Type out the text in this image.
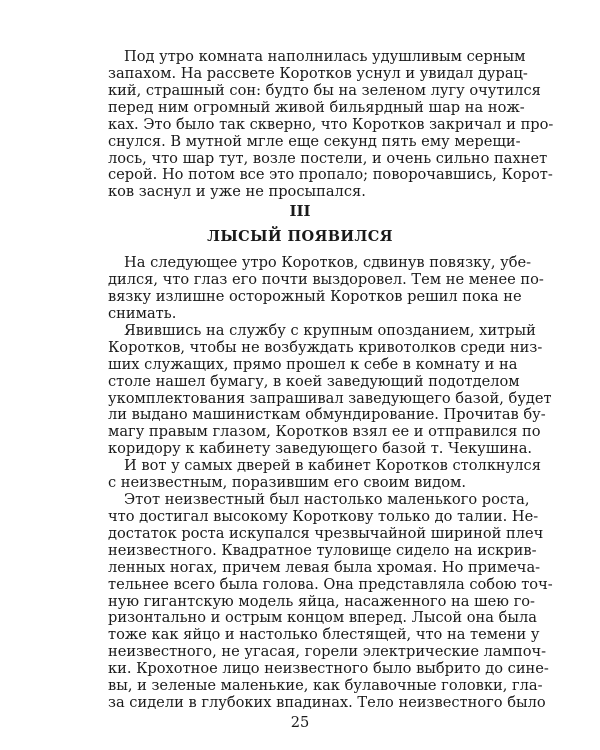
Под утро комната наполнилась удушливым серным
запахом. На рассвете Коротков уснул и увидал дурац-
кий, страшный сон: будто бы на зеленом лугу очутился
перед ним огромный живой бильярдный шар на нож-
ках. Это было так скверно, что Коротков закричал и про-
снулся. В мутной мгле еще секунд пять ему мерещи-
лось, что шар тут, возле постели, и очень сильно пахнет
серой. Но потом все это пропало; поворочавшись, Корот-
ков заснул и уже не просыпался.
III
ЛЫСЫЙ ПОЯВИЛСЯ
На следующее утро Коротков, сдвинув повязку, убе-
дился, что глаз его почти выздоровел. Тем не менее по-
вязку излишне осторожный Коротков решил пока не
снимать.
Явившись на службу с крупным опозданием, хитрый
Коротков, чтобы не возбуждать кривотолков среди низ-
ших служащих, прямо прошел к себе в комнату и на
столе нашел бумагу, в коей заведующий подотделом
укомплектования запрашивал заведующего базой, будет
ли выдано машинисткам обмундирование. Прочитав бу-
магу правым глазом, Коротков взял ее и отправился по
коридору к кабинету заведующего базой т. Чекушина.
И вот у самых дверей в кабинет Коротков столкнулся
с неизвестным, поразившим его своим видом.
Этот неизвестный был настолько маленького роста,
что достигал высокому Короткову только до талии. Не-
достаток роста искупался чрезвычайной шириной плеч
неизвестного. Квадратное туловище сидело на искрив-
ленных ногах, причем левая была хромая. Но примеча-
тельнее всего была голова. Она представляла собою точ-
ную гигантскую модель яйца, насаженного на шею го-
ризонтально и острым концом вперед. Лысой она была
тоже как яйцо и настолько блестящей, что на темени у
неизвестного, не угасая, горели электрические лампоч-
ки. Крохотное лицо неизвестного было выбрито до сине-
вы, и зеленые маленькие, как булавочные головки, гла-
за сидели в глубоких впадинах. Тело неизвестного было
25
